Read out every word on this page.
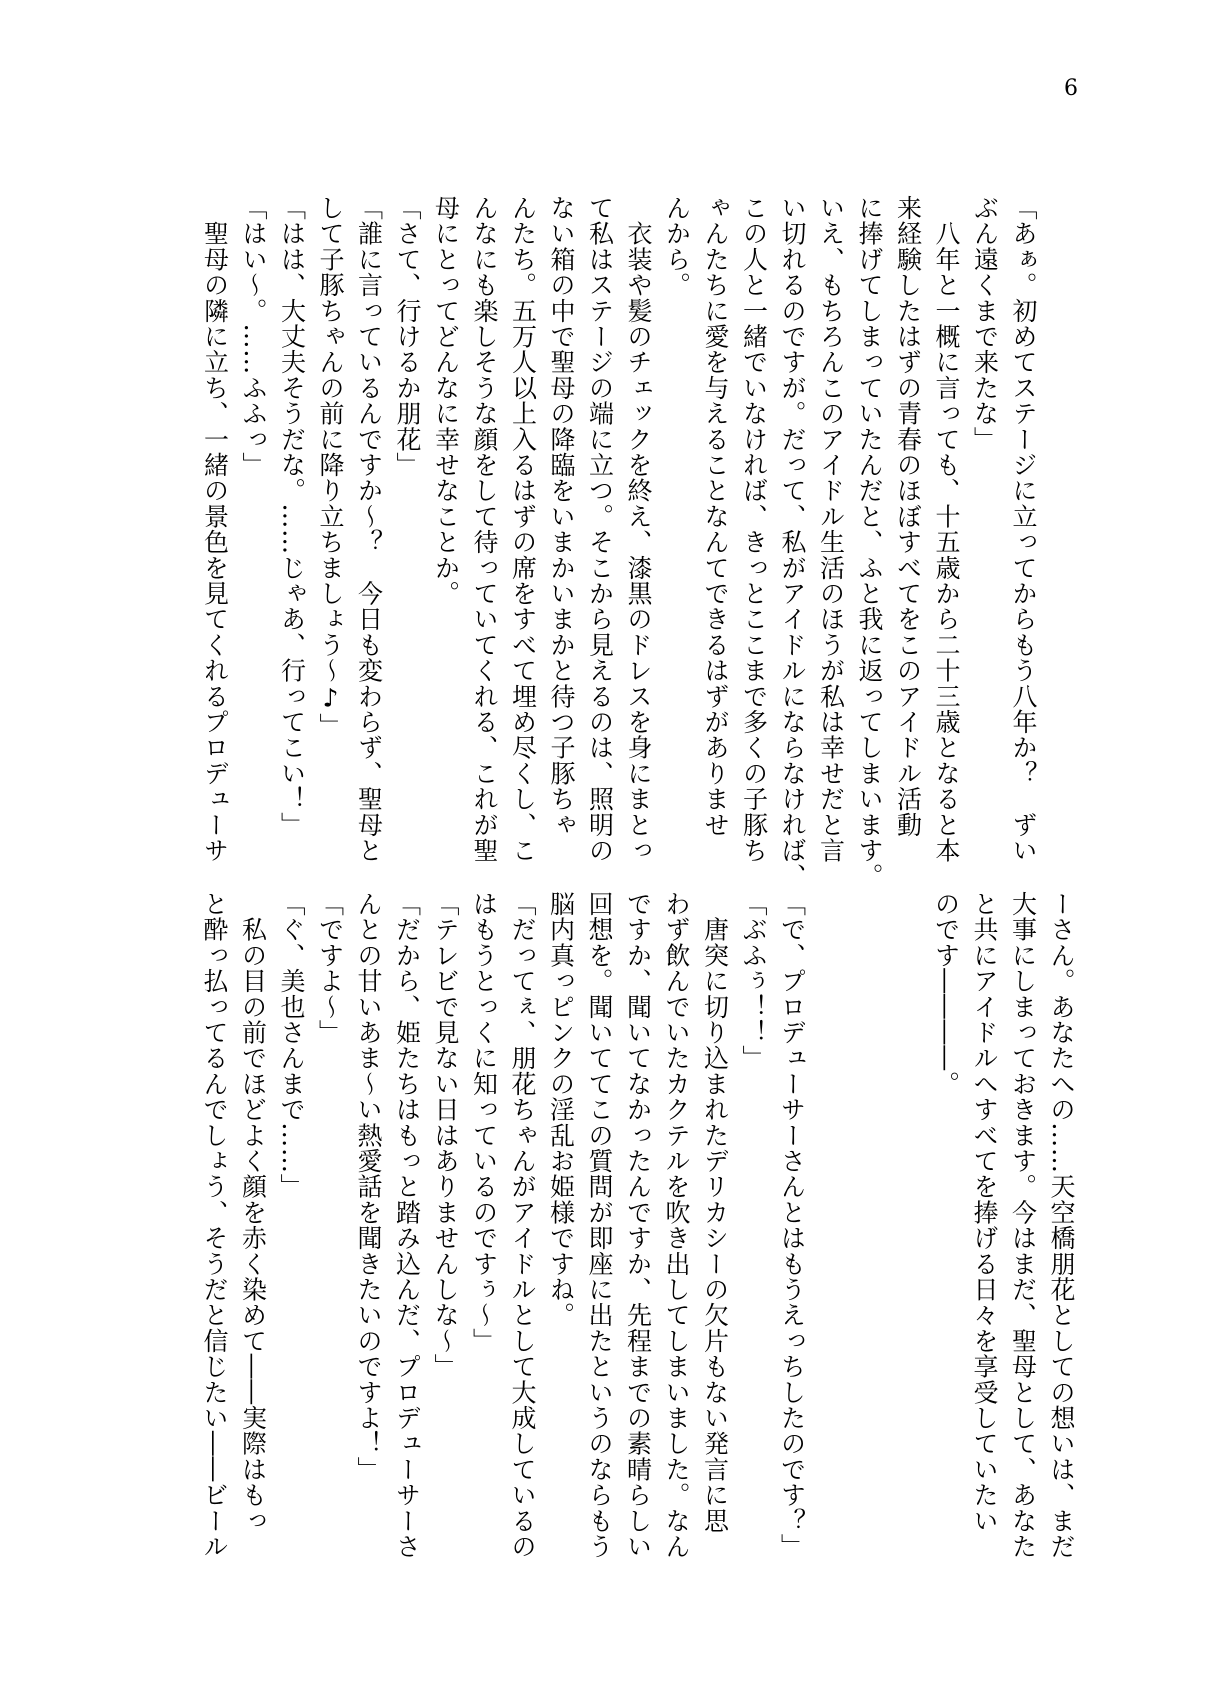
6
「あぁ。初めてステージに立ってからもう八年か？　ずい
ぶん遠くまで来たな」
　八年と一概に言っても、十五歳から二十三歳となると本
来経験したはずの青春のほぼすべてをこのアイドル活動
に捧げてしまっていたんだと、ふと我に返ってしまいます。
いえ、もちろんこのアイドル生活のほうが私は幸せだと言
い切れるのですが。だって、私がアイドルにならなければ、
この人と一緒でいなければ、きっとここまで多くの子豚ち
ゃんたちに愛を与えることなんてできるはずがありませ
んから。
　衣装や髪のチェックを終え、漆黒のドレスを身にまとっ
て私はステージの端に立つ。そこから見えるのは、照明の
ない箱の中で聖母の降臨をいまかいまかと待つ子豚ちゃ
んたち。五万人以上入るはずの席をすべて埋め尽くし、こ
んなにも楽しそうな顔をして待っていてくれる、これが聖
母にとってどんなに幸せなことか。
「さて、行けるか朋花」
「誰に言っているんですか～？　今日も変わらず、聖母と
して子豚ちゃんの前に降り立ちましょう～♪」
「はは、大丈夫そうだな。……じゃあ、行ってこい！」
「はい～。……ふふっ」
　聖母の隣に立ち、一緒の景色を見てくれるプロデューサ
ーさん。あなたへの……天空橋朋花としての想いは、まだ
大事にしまっておきます。今はまだ、聖母として、あなた
と共にアイドルへすべてを捧げる日々を享受していたい
のです――――。
「で、プロデューサーさんとはもうえっちしたのです？」
「ぶふぅ！！」
　唐突に切り込まれたデリカシーの欠片もない発言に思
わず飲んでいたカクテルを吹き出してしまいました。なん
ですか、聞いてなかったんですか、先程までの素晴らしい
回想を。聞いててこの質問が即座に出たというのならもう
脳内真っピンクの淫乱お姫様ですね。
「だってぇ、朋花ちゃんがアイドルとして大成しているの
はもうとっくに知っているのですぅ～」
「テレビで見ない日はありませんしな～」
「だから、姫たちはもっと踏み込んだ、プロデューサーさ
んとの甘いあま～い熱愛話を聞きたいのですよ！」
「ですよ～」
「ぐ、美也さんまで……」
　私の目の前でほどよく顔を赤く染めて――実際はもっ
と酔っ払ってるんでしょう、そうだと信じたい――ビール
